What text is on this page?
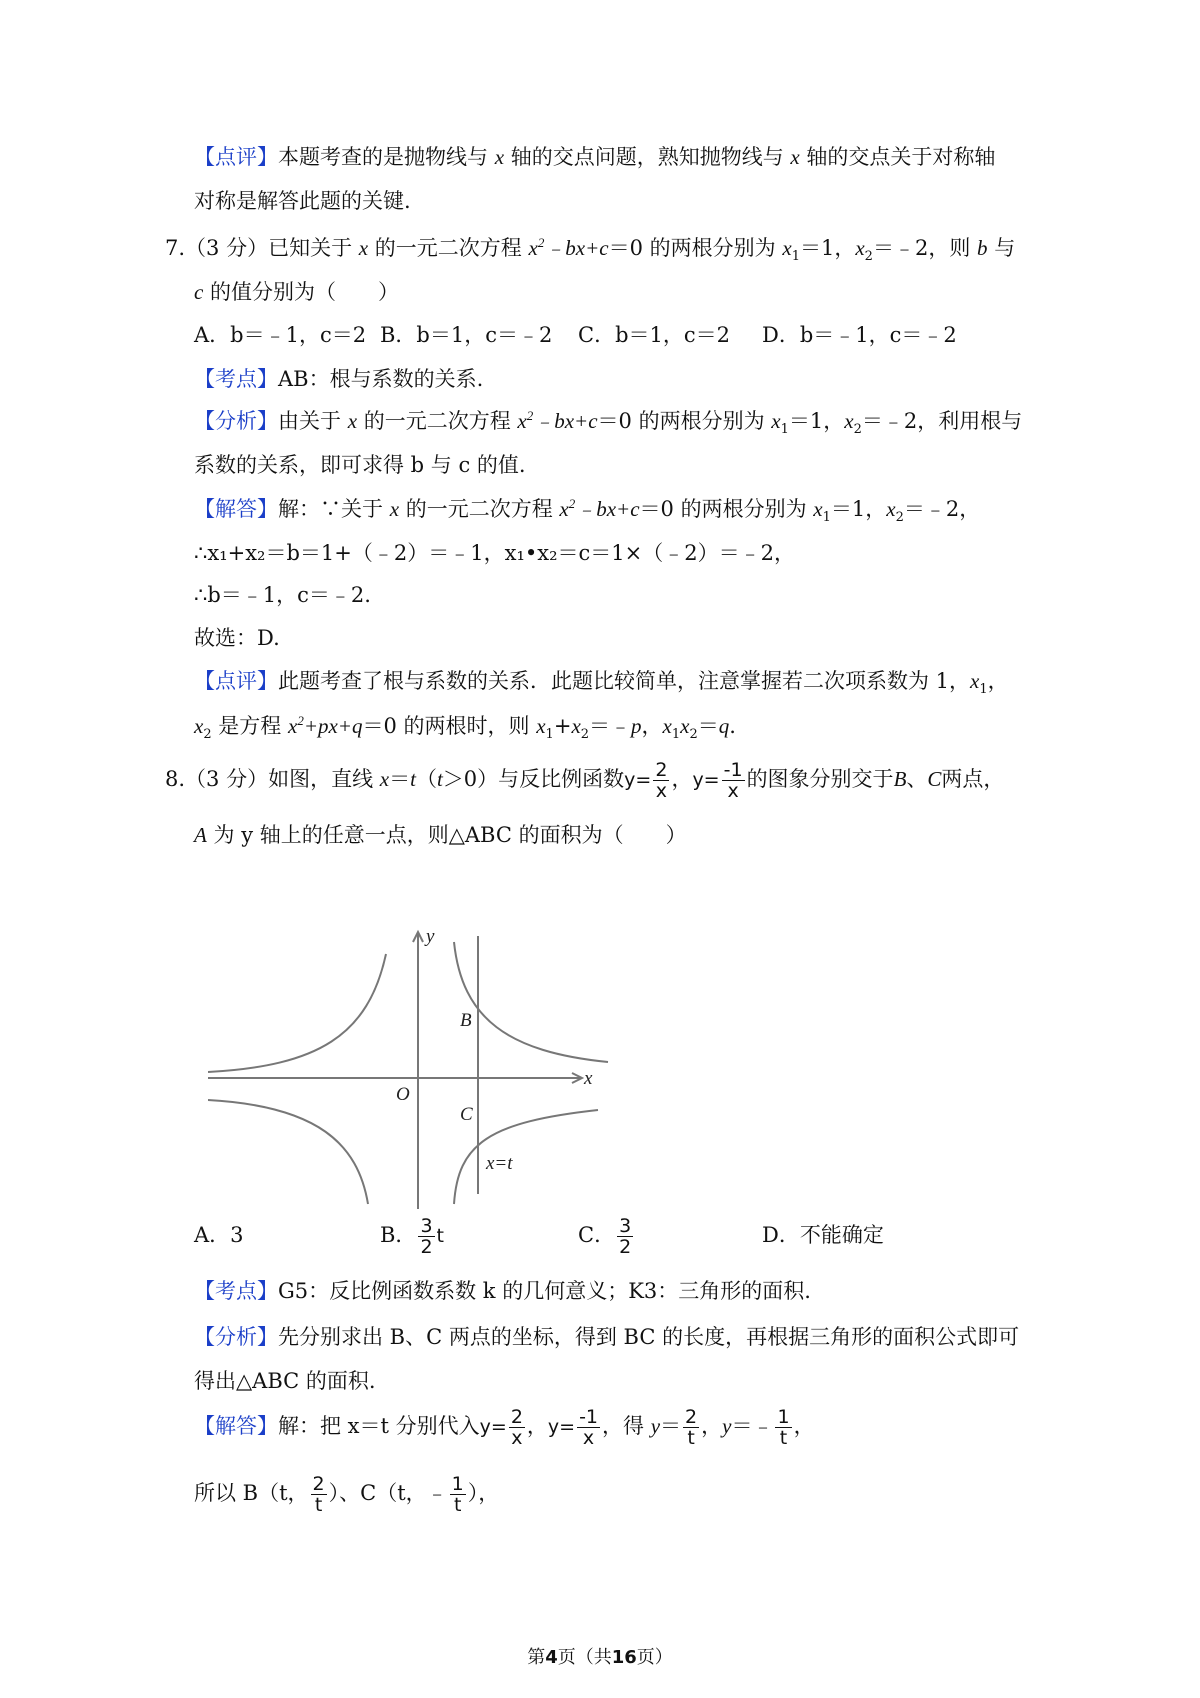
【点评】本题考查的是抛物线与 x 轴的交点问题，熟知抛物线与 x 轴的交点关于对称轴
对称是解答此题的关键.
7.（3 分）已知关于 x 的一元二次方程 $x^2﹣bx+c=0$ 的两根分别为 $x_1=1$，$x_2=﹣2$，则 b 与
c 的值分别为（　　）
A．b＝﹣1，c＝2 B．b＝1，c＝﹣2 C．b＝1，c＝2 D．b＝﹣1，c＝﹣2
【考点】AB：根与系数的关系.
【分析】由关于 x 的一元二次方程 $x^2﹣bx+c=0$ 的两根分别为 $x_1=1$，$x_2=﹣2$，利用根与
系数的关系，即可求得 b 与 c 的值.
【解答】解：∵关于 x 的一元二次方程 $x^2﹣bx+c=0$ 的两根分别为 $x_1=1$，$x_2=﹣2$，
∴x₁+x₂＝b＝1+（﹣2）＝﹣1，x₁•x₂＝c＝1×（﹣2）＝﹣2，
∴b＝﹣1，c＝﹣2.
故选：D.
【点评】此题考查了根与系数的关系．此题比较简单，注意掌握若二次项系数为 1，$x_1$，
$x_2$ 是方程 $x^2+px+q=0$ 的两根时，则 $x_1+x_2=﹣p$，$x_1x_2=q$.
8.（3 分）如图，直线 x＝t（t＞0）与反比例函数$y= \frac{2}{x}$ ，$y= \frac{-1}{x}$ 的图象分别交于B、C两点，
A 为 y 轴上的任意一点，则△ABC 的面积为（　　）
y
x
O
B
C
x=t
A．3	B． $\frac{3}{2}$ t	C． $\frac{3}{2}$	D．不能确定
【考点】G5：反比例函数系数 k 的几何意义；K3：三角形的面积.
【分析】先分别求出 B、C 两点的坐标，得到 BC 的长度，再根据三角形的面积公式即可
得出△ABC 的面积.
【解答】解：把 x＝t 分别代入$y= \frac{2}{x}$ ，$y= \frac{-1}{x}$ ，得 $y= \frac{2}{t}$ ，y＝﹣ $\frac{1}{t}$ ，
所以 B（t， $\frac{2}{t}$ ）、C（t，﹣ $\frac{1}{t}$ ），
第4页（共16页）
